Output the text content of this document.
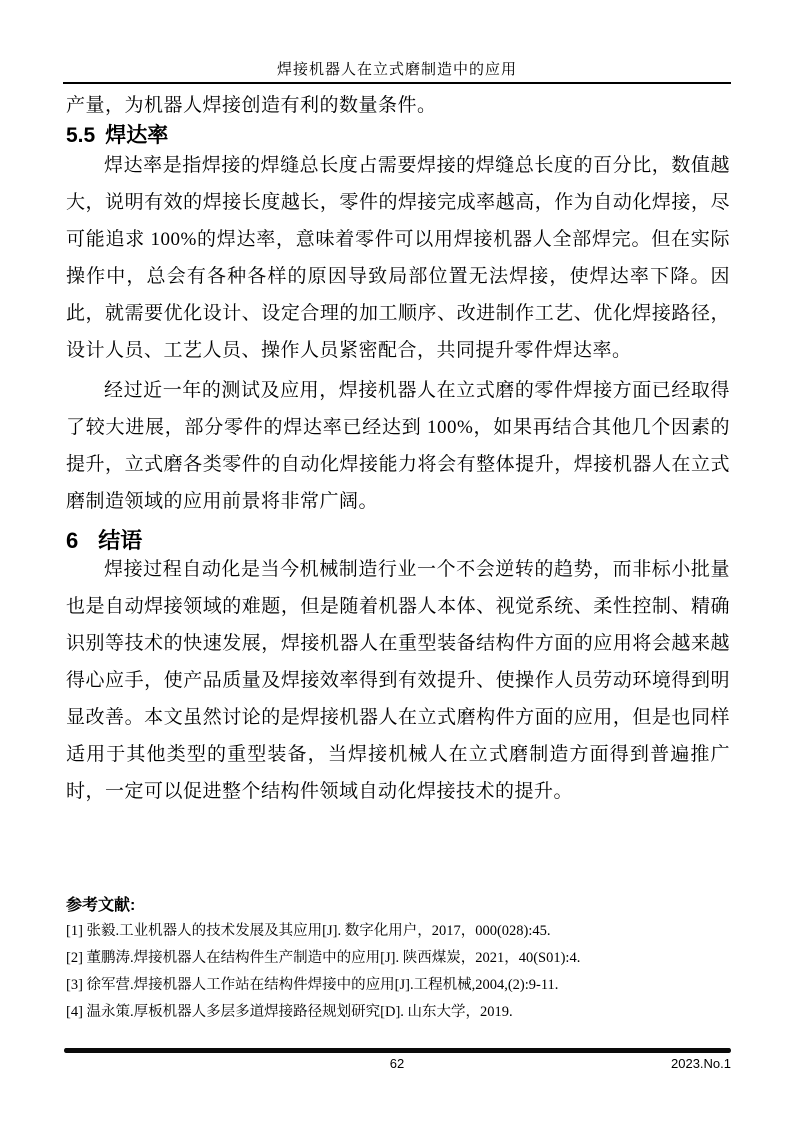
焊接机器人在立式磨制造中的应用
产量，为机器人焊接创造有利的数量条件。
5.5 焊达率

焊达率是指焊接的焊缝总长度占需要焊接的焊缝总长度的百分比，数值越大，说明有效的焊接长度越长，零件的焊接完成率越高，作为自动化焊接，尽可能追求 100%的焊达率，意味着零件可以用焊接机器人全部焊完。但在实际操作中，总会有各种各样的原因导致局部位置无法焊接，使焊达率下降。因此，就需要优化设计、设定合理的加工顺序、改进制作工艺、优化焊接路径，设计人员、工艺人员、操作人员紧密配合，共同提升零件焊达率。

经过近一年的测试及应用，焊接机器人在立式磨的零件焊接方面已经取得了较大进展，部分零件的焊达率已经达到 100%，如果再结合其他几个因素的提升，立式磨各类零件的自动化焊接能力将会有整体提升，焊接机器人在立式磨制造领域的应用前景将非常广阔。

6 结语

焊接过程自动化是当今机械制造行业一个不会逆转的趋势，而非标小批量也是自动焊接领域的难题，但是随着机器人本体、视觉系统、柔性控制、精确识别等技术的快速发展，焊接机器人在重型装备结构件方面的应用将会越来越得心应手，使产品质量及焊接效率得到有效提升、使操作人员劳动环境得到明显改善。本文虽然讨论的是焊接机器人在立式磨构件方面的应用，但是也同样适用于其他类型的重型装备，当焊接机械人在立式磨制造方面得到普遍推广时，一定可以促进整个结构件领域自动化焊接技术的提升。

参考文献:
[1] 张毅.工业机器人的技术发展及其应用[J]. 数字化用户，2017，000(028):45.
[2] 董鹏涛.焊接机器人在结构件生产制造中的应用[J]. 陕西煤炭，2021，40(S01):4.
[3] 徐军营.焊接机器人工作站在结构件焊接中的应用[J].工程机械,2004,(2):9-11.
[4] 温永策.厚板机器人多层多道焊接路径规划研究[D]. 山东大学，2019.
62	2023.No.1
